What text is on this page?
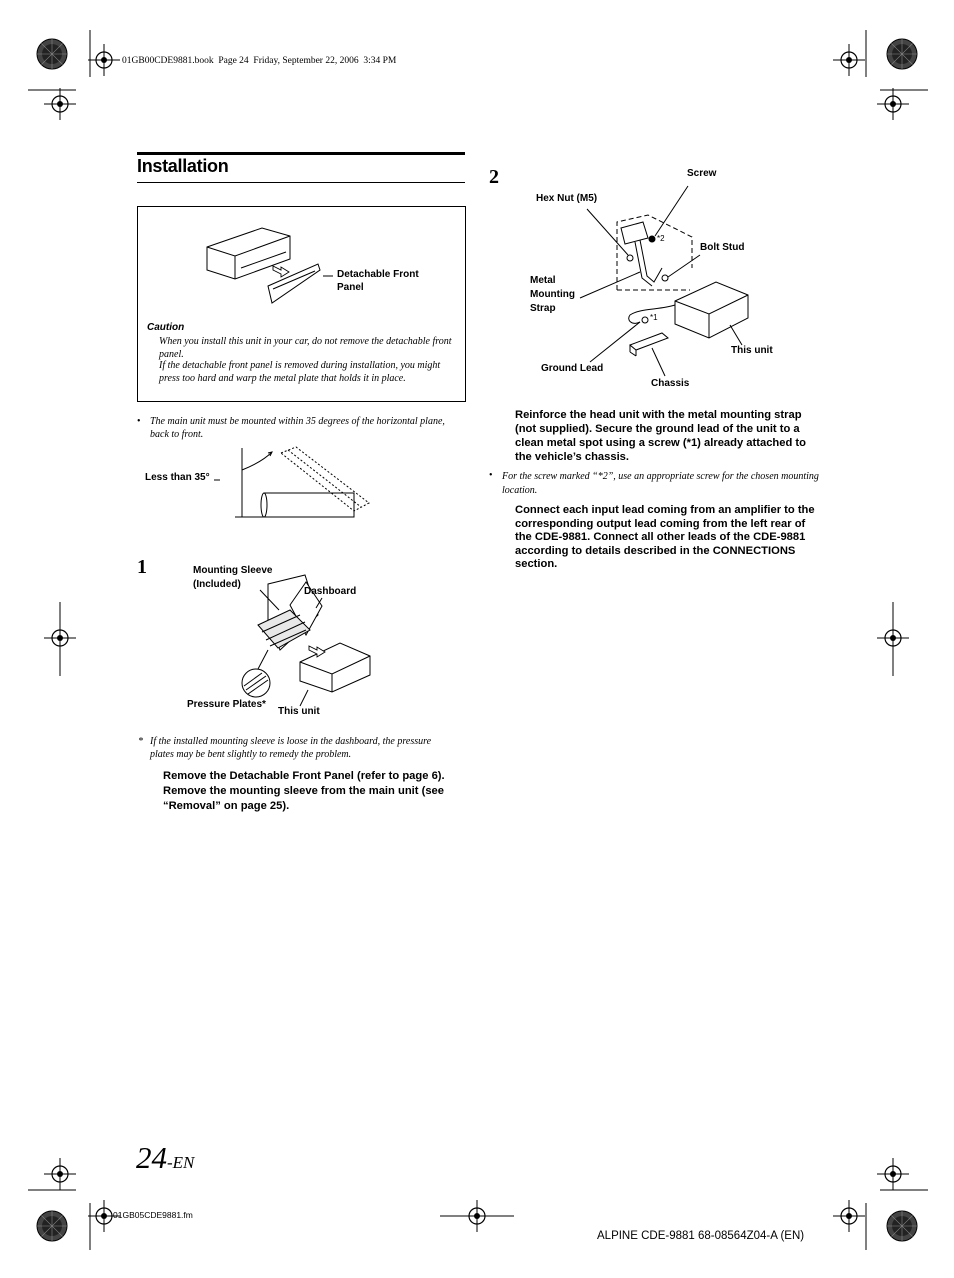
01GB00CDE9881.book  Page 24  Friday, September 22, 2006  3:34 PM
Installation
Detachable Front
Panel
Caution
When you install this unit in your car, do not remove the detachable front panel.
If the detachable front panel is removed during installation, you might press too hard and warp the metal plate that holds it in place.
• The main unit must be mounted within 35 degrees of the horizontal plane, back to front.
Less than 35°
1	Mounting Sleeve
(Included)
Dashboard
Pressure Plates*
This unit
* If the installed mounting sleeve is loose in the dashboard, the pressure plates may be bent slightly to remedy the problem.
Remove the Detachable Front Panel (refer to page 6). Remove the mounting sleeve from the main unit (see “Removal” on page 25).
2	Screw
Hex Nut (M5)
Bolt Stud
Metal
Mounting
Strap
This unit
Ground Lead
Chassis
*2
*1
Reinforce the head unit with the metal mounting strap (not supplied). Secure the ground lead of the unit to a clean metal spot using a screw (*1) already attached to the vehicle’s chassis.
• For the screw marked “*2”, use an appropriate screw for the chosen mounting location.
Connect each input lead coming from an amplifier to the corresponding output lead coming from the left rear of the CDE-9881. Connect all other leads of the CDE-9881 according to details described in the CONNECTIONS section.
24-EN
01GB05CDE9881.fm
ALPINE CDE-9881 68-08564Z04-A (EN)
